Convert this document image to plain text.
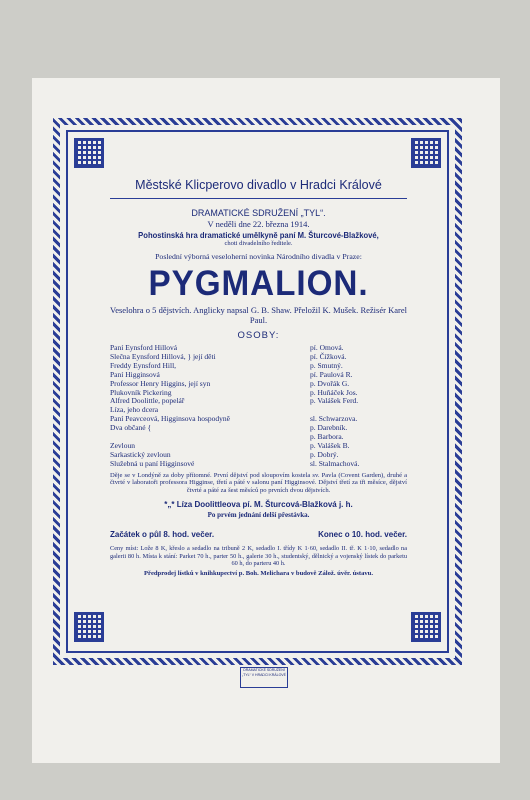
Městské Klicperovo divadlo v Hradci Králové
DRAMATICKÉ SDRUŽENÍ „TYL“.
V neděli dne 22. března 1914.
Pohostinská hra dramatické umělkyně paní M. Šturcové-Blažkové,
choti divadelního ředitele.
Poslední výborná veseloherní novinka Národního divadla v Praze:
PYGMALION.
Veselohra o 5 dějstvích. Anglicky napsal G. B. Shaw. Přeložil K. Mušek. Režisér Karel Paul.
OSOBY:
Paní Eynsford Hillová	pí. Omová.
Slečna Eynsford Hillová, } její děti	pí. Čížková.
Freddy Eynsford Hill,	p. Smutný.
Paní Higginsová	pí. Paulová R.
Professor Henry Higgins, její syn	p. Dvořák G.
Plukovník Pickering	p. Huňáček Jos.
Alfred Doolittle, popelář	p. Valášek Ferd.
Líza, jeho dcera
Paní Peavceová, Higginsova hospodyně	sl. Schwarzova.
Dva občané {	p. Darebník.
p. Barbora.
Zevloun	p. Valášek B.
Sarkastický zevloun	p. Dobrý.
Služebná u paní Higginsové	sl. Stalmachová.
Děje se v Londýně za doby přítomné. První dějství pod sloupovím kostela sv. Pavla (Covent Garden), druhé a čtvrté v laboratoři professora Higginse, třetí a páté v salonu paní Higginsové. Dějství třetí za tři měsíce, dějství čtvrté a páté za šest měsíců po prvních dvou dějstvích.
*„* Líza Doolittleova pí. M. Šturcová-Blažková j. h.
Po prvém jednání delší přestávka.
Začátek o půl 8. hod. večer.	Konec o 10. hod. večer.
Ceny míst: Lože 8 K, křeslo a sedadlo na tribuně 2 K, sedadlo I. třídy K 1·60, sedadlo II. tř. K 1·10, sedadlo na galerii 80 h. Místa k stání: Parket 70 h., parter 50 h., galerie 30 h., studentský, dělnický a vojenský lístek do parketu 60 h, do parteru 40 h.
Předprodej lístků v knihkupectví p. Boh. Melichara v budově Zálož. úvěr. ústavu.
DRAMATICKÉ SDRUŽENÍ „TYL“ V HRADCI KRÁLOVÉ
